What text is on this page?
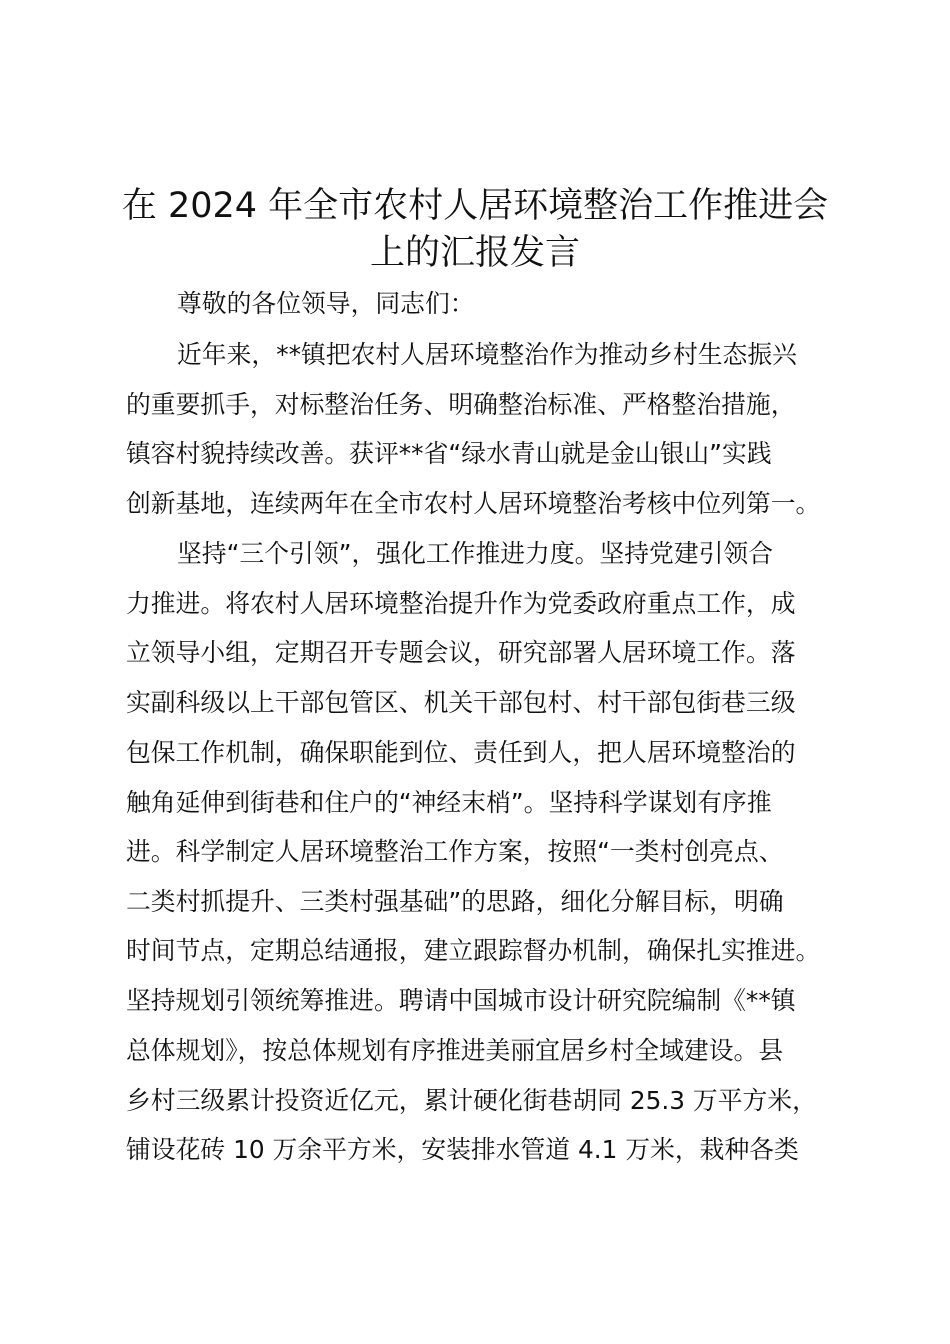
在 2024 年全市农村人居环境整治工作推进会
上的汇报发言

尊敬的各位领导，同志们：

近年来，**镇把农村人居环境整治作为推动乡村生态振兴

的重要抓手，对标整治任务、明确整治标准、严格整治措施，

镇容村貌持续改善。获评**省“绿水青山就是金山银山”实践

创新基地，连续两年在全市农村人居环境整治考核中位列第一。

坚持“三个引领”，强化工作推进力度。坚持党建引领合

力推进。将农村人居环境整治提升作为党委政府重点工作，成

立领导小组，定期召开专题会议，研究部署人居环境工作。落

实副科级以上干部包管区、机关干部包村、村干部包街巷三级

包保工作机制，确保职能到位、责任到人，把人居环境整治的

触角延伸到街巷和住户的“神经末梢”。坚持科学谋划有序推

进。科学制定人居环境整治工作方案，按照“一类村创亮点、

二类村抓提升、三类村强基础”的思路，细化分解目标，明确

时间节点，定期总结通报，建立跟踪督办机制，确保扎实推进。

坚持规划引领统筹推进。聘请中国城市设计研究院编制《**镇

总体规划》，按总体规划有序推进美丽宜居乡村全域建设。县

乡村三级累计投资近亿元，累计硬化街巷胡同 25.3 万平方米，

铺设花砖 10 万余平方米，安装排水管道 4.1 万米，栽种各类
